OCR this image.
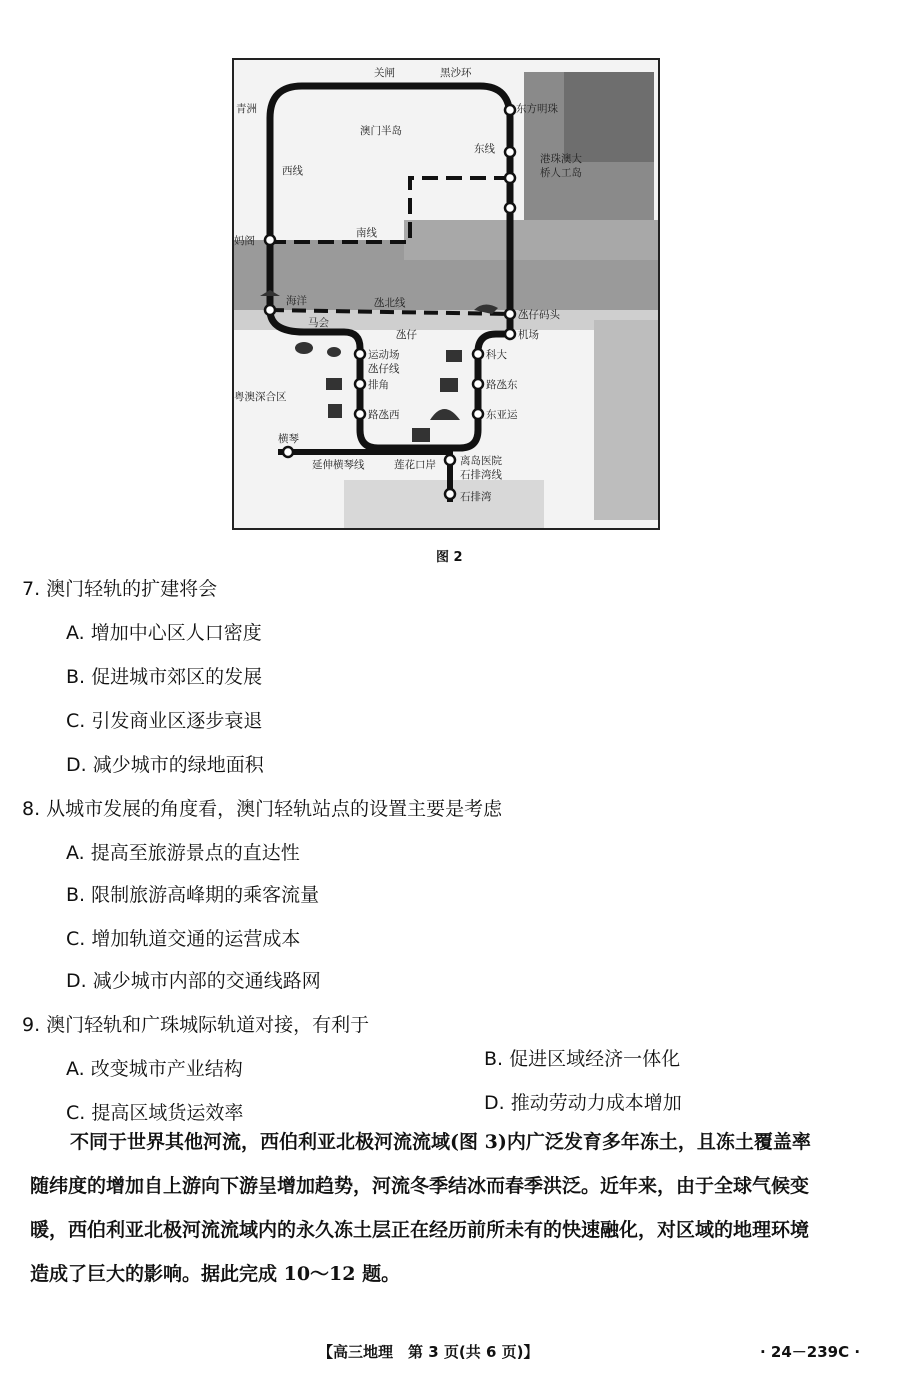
关闸	黑沙环
青洲	东方明珠
澳门半岛
东线
港珠澳大
桥人工岛
西线
妈阁
南线
海洋	氹北线
氹仔码头
马会
氹仔	机场
运动场
氹仔线
科大
排角	路氹东
粤澳深合区
路氹西	东亚运
横琴
延伸横琴线	莲花口岸 离岛医院
石排湾线
石排湾
图 2
7. 澳门轻轨的扩建将会
A. 增加中心区人口密度
B. 促进城市郊区的发展
C. 引发商业区逐步衰退
D. 减少城市的绿地面积
8. 从城市发展的角度看，澳门轻轨站点的设置主要是考虑
A. 提高至旅游景点的直达性
B. 限制旅游高峰期的乘客流量
C. 增加轨道交通的运营成本
D. 减少城市内部的交通线路网
9. 澳门轻轨和广珠城际轨道对接，有利于
A. 改变城市产业结构	B. 促进区域经济一体化
C. 提高区域货运效率	D. 推动劳动力成本增加
不同于世界其他河流，西伯利亚北极河流流域(图 3)内广泛发育多年冻土，且冻土覆盖率
随纬度的增加自上游向下游呈增加趋势，河流冬季结冰而春季洪泛。近年来，由于全球气候变
暖，西伯利亚北极河流流域内的永久冻土层正在经历前所未有的快速融化，对区域的地理环境
造成了巨大的影响。据此完成 10～12 题。
【高三地理　第 3 页(共 6 页)】	· 24－239C ·
